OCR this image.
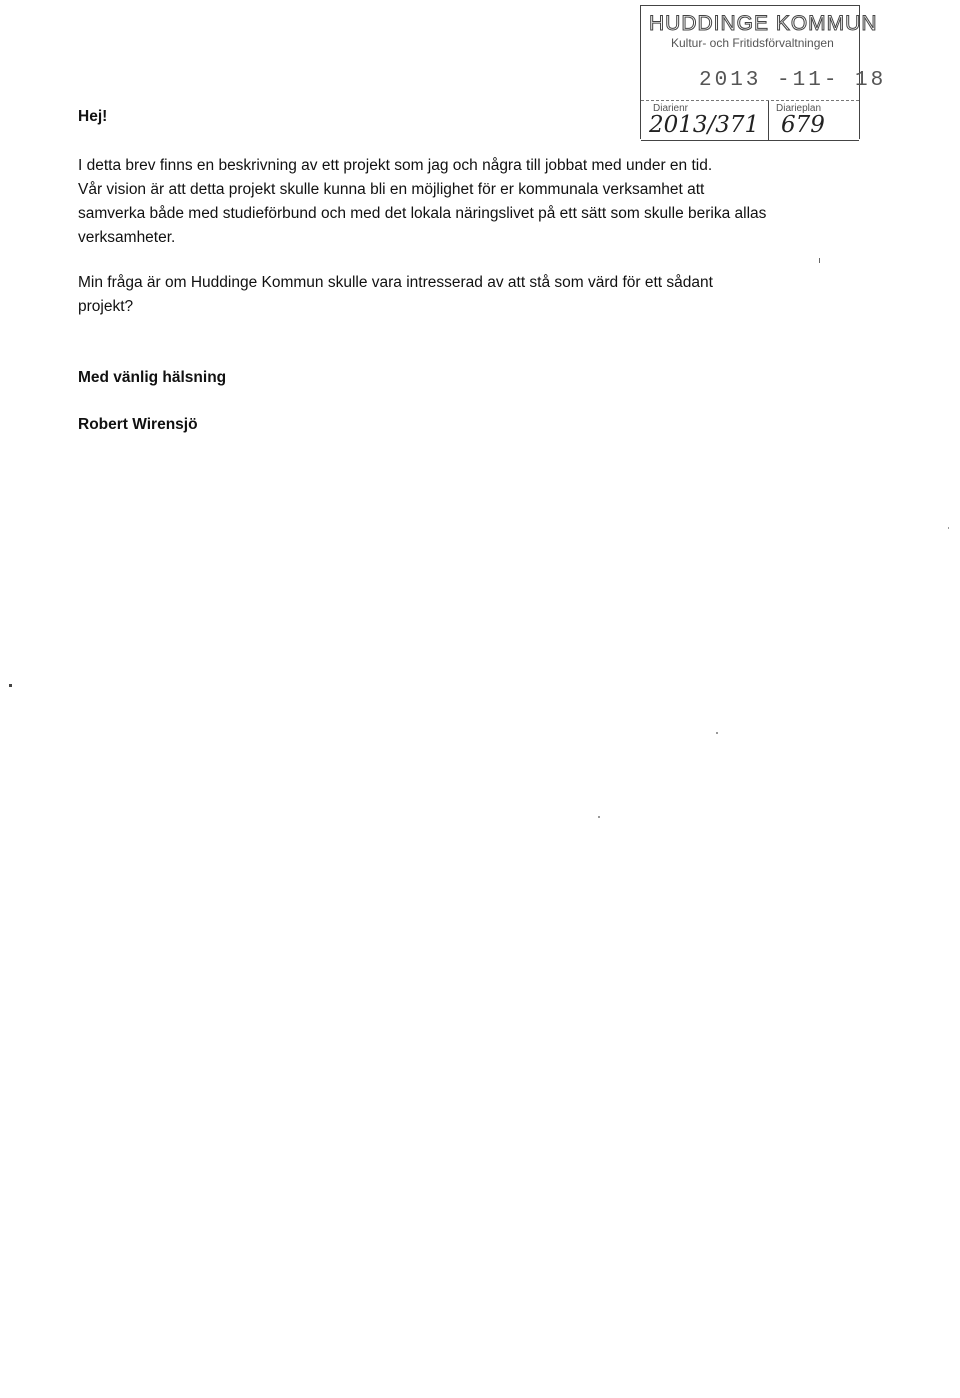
HUDDINGE KOMMUN
Kultur- och Fritidsförvaltningen
2013 -11- 18
Diarienr	Diarieplan
2013/371 679
Hej!
I detta brev finns en beskrivning av ett projekt som jag och några till jobbat med under en tid.
Vår vision är att detta projekt skulle kunna bli en möjlighet för er kommunala verksamhet att
samverka både med studieförbund och med det lokala näringslivet på ett sätt som skulle berika allas
verksamheter.
Min fråga är om Huddinge Kommun skulle vara intresserad av att stå som värd för ett sådant
projekt?
Med vänlig hälsning
Robert Wirensjö
